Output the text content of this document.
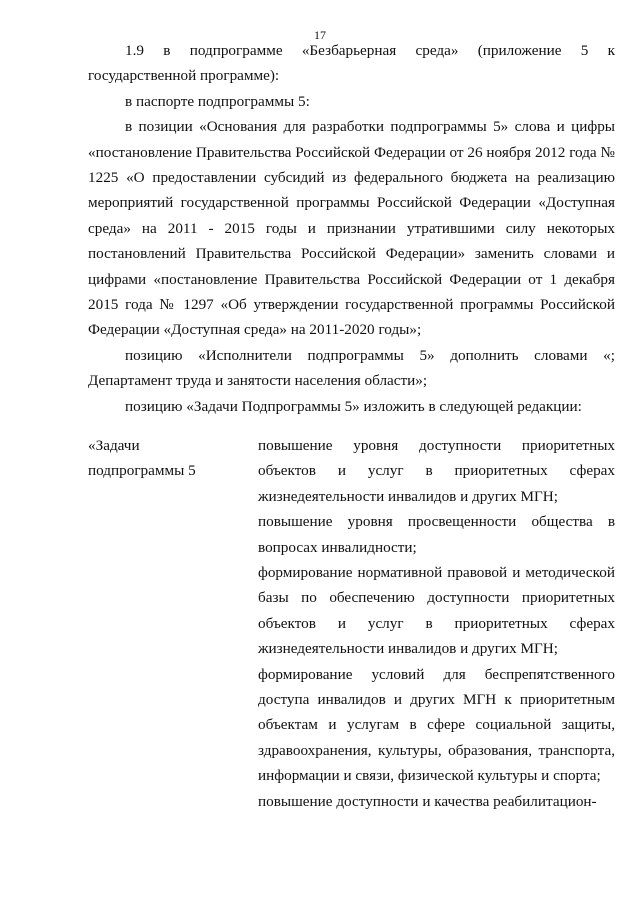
17

1.9 в подпрограмме «Безбарьерная среда» (приложение 5 к государственной программе):

в паспорте подпрограммы 5:

в позиции «Основания для разработки подпрограммы 5» слова и цифры «постановление Правительства Российской Федерации от 26 ноября 2012 года № 1225 «О предоставлении субсидий из федерального бюджета на реализацию мероприятий государственной программы Российской Федерации «Доступная среда» на 2011 - 2015 годы и признании утратившими силу некоторых постановлений Правительства Российской Федерации» заменить словами и цифрами «постановление Правительства Российской Федерации от 1 декабря 2015 года № 1297 «Об утверждении государственной программы Российской Федерации «Доступная среда» на 2011-2020 годы»;

позицию «Исполнители подпрограммы 5» дополнить словами «; Департамент труда и занятости населения области»;

позицию «Задачи Подпрограммы 5» изложить в следующей редакции:

«Задачи
подпрограммы 5

повышение уровня доступности приоритетных объектов и услуг в приоритетных сферах жизнедеятельности инвалидов и других МГН;

повышение уровня просвещенности общества в вопросах инвалидности;

формирование нормативной правовой и методической базы по обеспечению доступности приоритетных объектов и услуг в приоритетных сферах жизнедеятельности инвалидов и других МГН;

формирование условий для беспрепятственного доступа инвалидов и других МГН к приоритетным объектам и услугам в сфере социальной защиты, здравоохранения, культуры, образования, транспорта, информации и связи, физической культуры и спорта;

повышение доступности и качества реабилитацион-
